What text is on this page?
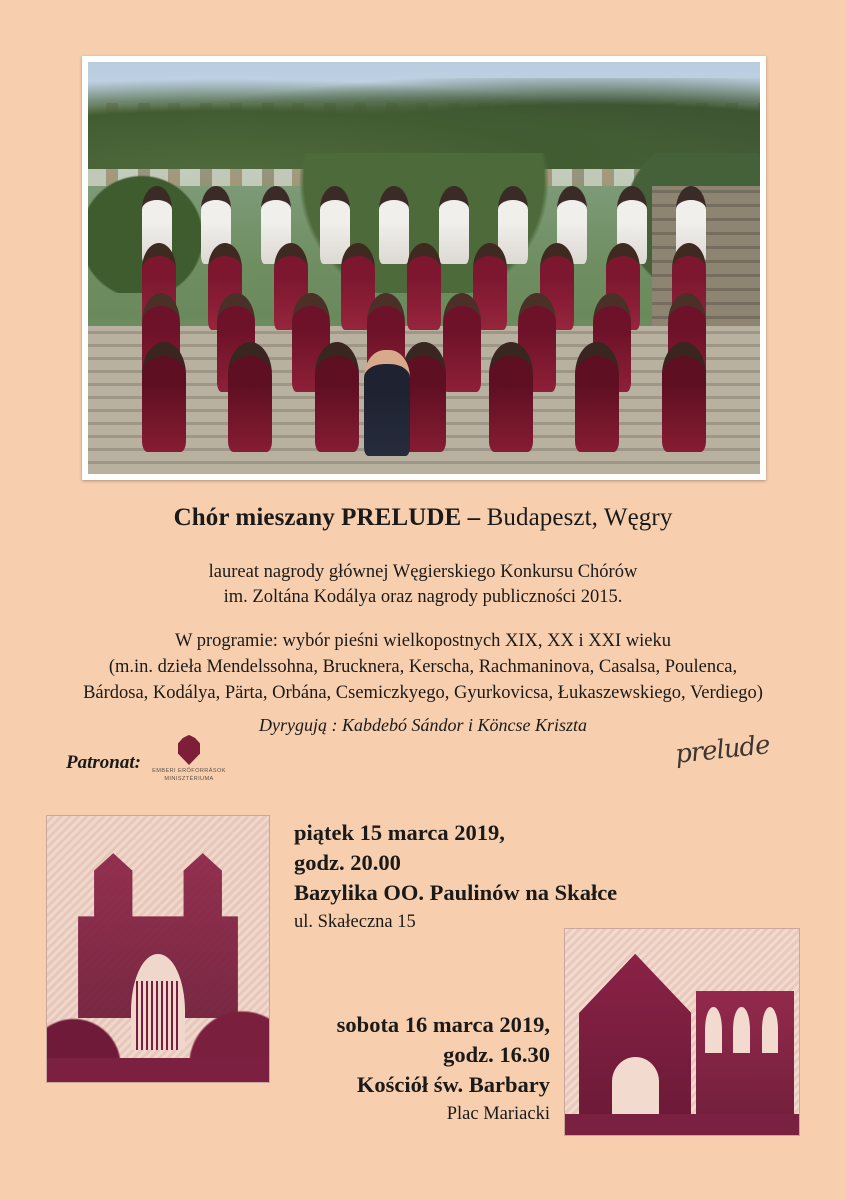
Chór mieszany PRELUDE – Budapeszt, Węgry
laureat nagrody głównej Węgierskiego Konkursu Chórów
im. Zoltána Kodálya oraz nagrody publiczności 2015.
W programie: wybór pieśni wielkopostnych XIX, XX i XXI wieku
(m.in. dzieła Mendelssohna, Brucknera, Kerscha, Rachmaninova, Casalsa, Poulenca,
Bárdosa, Kodálya, Pärta, Orbána, Csemiczkyego, Gyurkovicsa, Łukaszewskiego, Verdiego)
Dyrygują : Kabdebó Sándor i Köncse Kriszta
Patronat:	EMBERI ERŐFORRÁSOK
MINISZTÉRIUMA
prelude
piątek 15 marca 2019,
godz. 20.00
Bazylika OO. Paulinów na Skałce
ul. Skałeczna 15
sobota 16 marca 2019,
godz. 16.30
Kościół św. Barbary
Plac Mariacki
